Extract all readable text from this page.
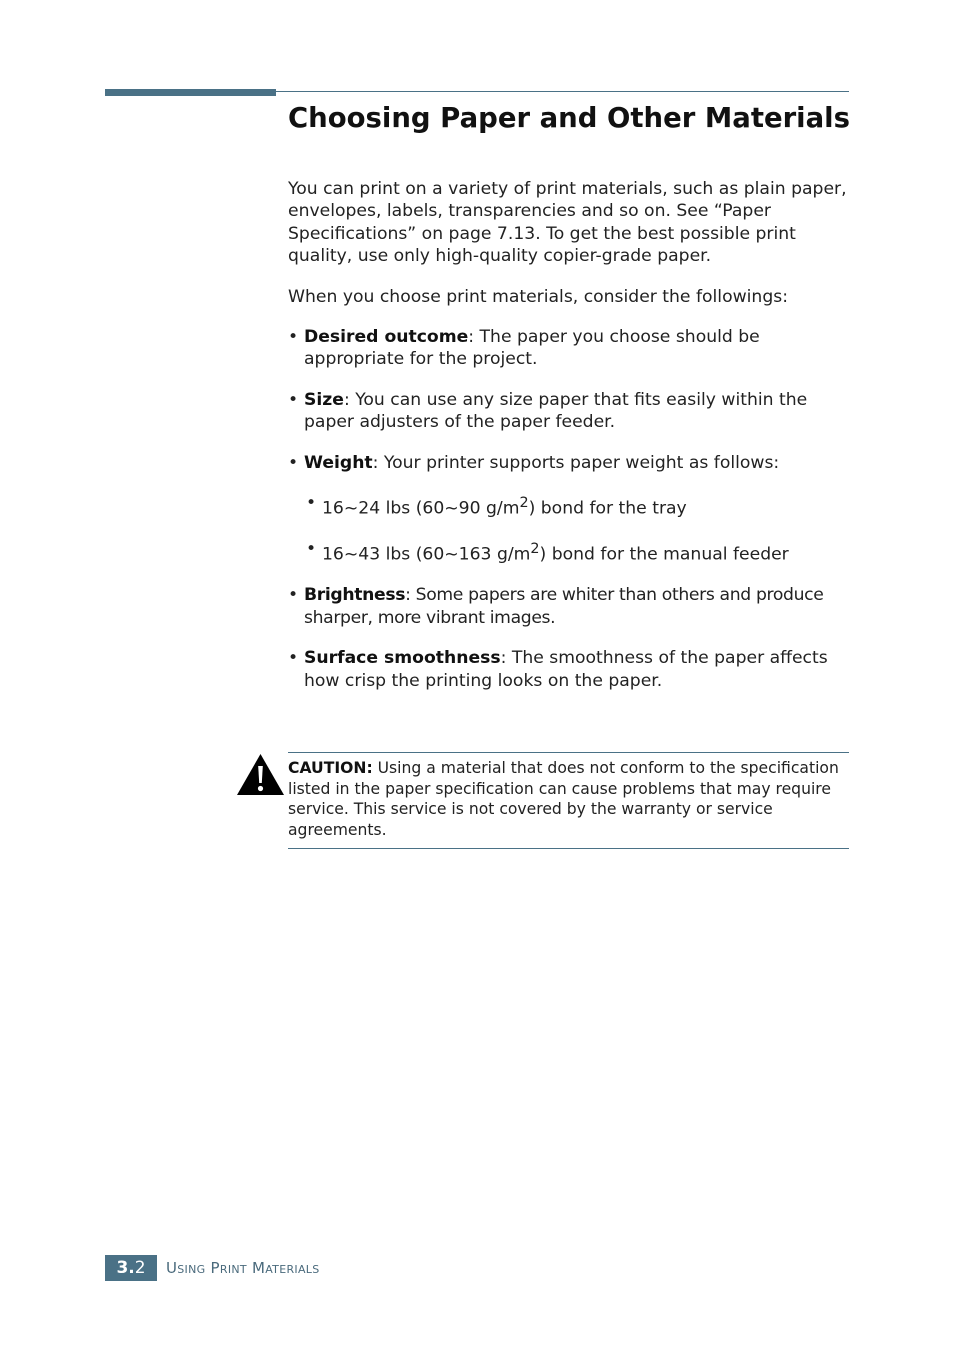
Choosing Paper and Other Materials

You can print on a variety of print materials, such as plain paper, envelopes, labels, transparencies and so on. See “Paper Specifications” on page 7.13. To get the best possible print quality, use only high-quality copier-grade paper.

When you choose print materials, consider the followings:

• Desired outcome: The paper you choose should be appropriate for the project.
• Size: You can use any size paper that fits easily within the paper adjusters of the paper feeder.
• Weight: Your printer supports paper weight as follows:
• 16~24 lbs (60~90 $g/m^2$) bond for the tray
• 16~43 lbs (60~163 $g/m^2$) bond for the manual feeder
• Brightness: Some papers are whiter than others and produce sharper, more vibrant images.
• Surface smoothness: The smoothness of the paper affects how crisp the printing looks on the paper.
CAUTION: Using a material that does not conform to the specification listed in the paper specification can cause problems that may require service. This service is not covered by the warranty or service agreements.
3.2	Using Print Materials
